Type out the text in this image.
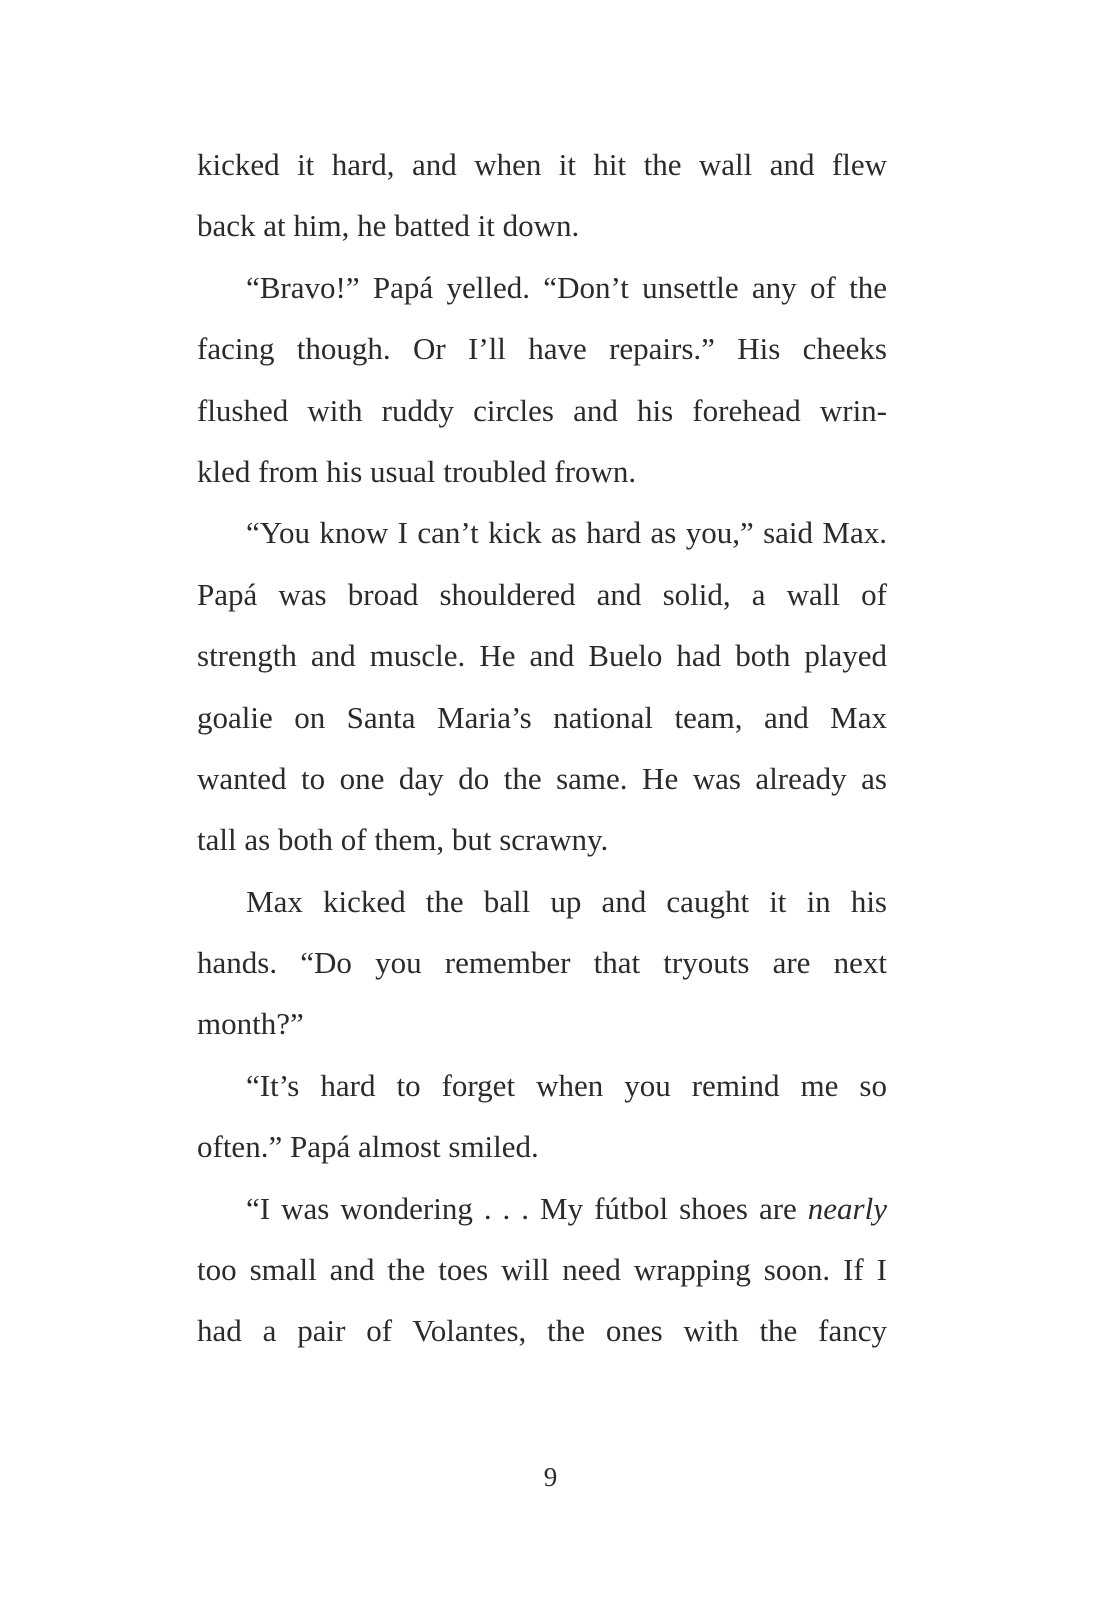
kicked it hard, and when it hit the wall and flew
back at him, he batted it down.
“Bravo!” Papá yelled. “Don’t unsettle any of the
facing though. Or I’ll have repairs.” His cheeks
flushed with ruddy circles and his forehead wrin-
kled from his usual troubled frown.
“You know I can’t kick as hard as you,” said Max.
Papá was broad shouldered and solid, a wall of
strength and muscle. He and Buelo had both played
goalie on Santa Maria’s national team, and Max
wanted to one day do the same. He was already as
tall as both of them, but scrawny.
Max kicked the ball up and caught it in his
hands. “Do you remember that tryouts are next
month?”
“It’s hard to forget when you remind me so
often.” Papá almost smiled.
“I was wondering . . . My fútbol shoes are nearly
too small and the toes will need wrapping soon. If I
had a pair of Volantes, the ones with the fancy
9
